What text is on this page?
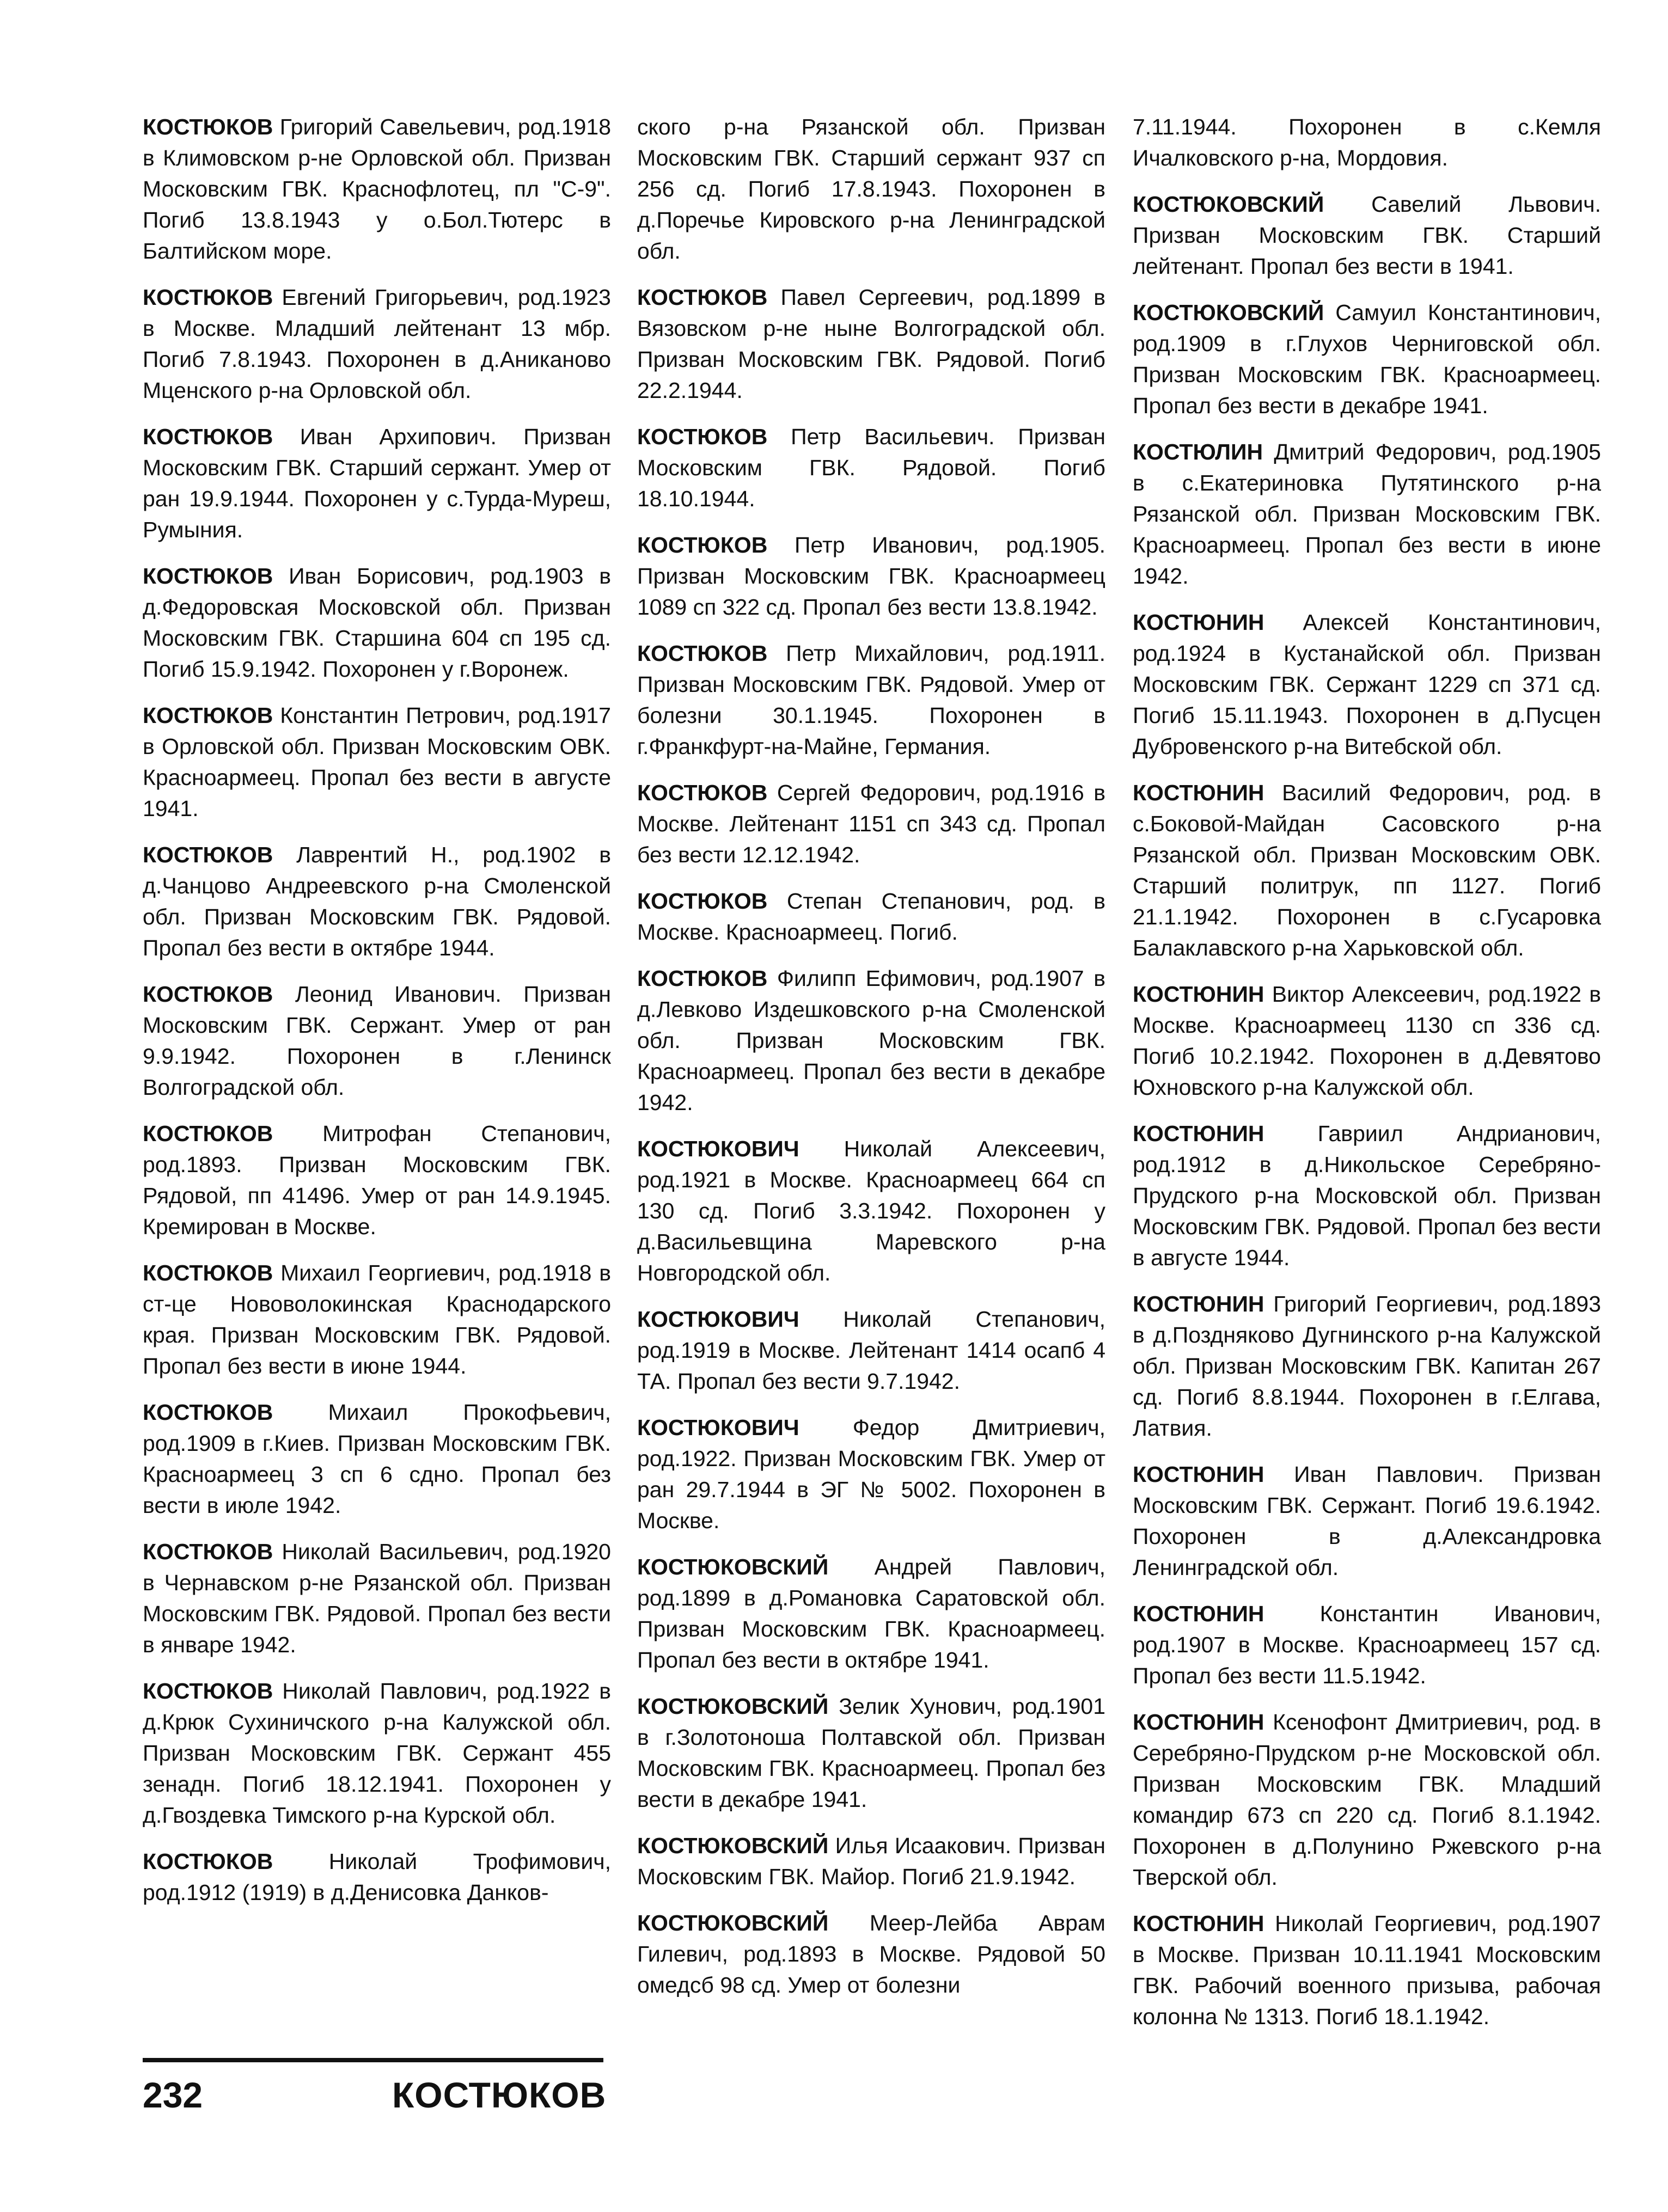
КОСТЮКОВ Григорий Савельевич, род.1918 в Климовском р-не Орловской обл. Призван Московским ГВК. Краснофлотец, пл "С-9". Погиб 13.8.1943 у о.Бол.Тютерс в Балтийском море.

КОСТЮКОВ Евгений Григорьевич, род.1923 в Москве. Младший лейтенант 13 мбр. Погиб 7.8.1943. Похоронен в д.Аниканово Мценского р-на Орловской обл.

КОСТЮКОВ Иван Архипович. Призван Московским ГВК. Старший сержант. Умер от ран 19.9.1944. Похоронен у с.Турда-Муреш, Румыния.

КОСТЮКОВ Иван Борисович, род.1903 в д.Федоровская Московской обл. Призван Московским ГВК. Старшина 604 сп 195 сд. Погиб 15.9.1942. Похоронен у г.Воронеж.

КОСТЮКОВ Константин Петрович, род.1917 в Орловской обл. Призван Московским ОВК. Красноармеец. Пропал без вести в августе 1941.

КОСТЮКОВ Лаврентий Н., род.1902 в д.Чанцово Андреевского р-на Смоленской обл. Призван Московским ГВК. Рядовой. Пропал без вести в октябре 1944.

КОСТЮКОВ Леонид Иванович. Призван Московским ГВК. Сержант. Умер от ран 9.9.1942. Похоронен в г.Ленинск Волгоградской обл.

КОСТЮКОВ Митрофан Степанович, род.1893. Призван Московским ГВК. Рядовой, пп 41496. Умер от ран 14.9.1945. Кремирован в Москве.

КОСТЮКОВ Михаил Георгиевич, род.1918 в ст-це Нововолокинская Краснодарского края. Призван Московским ГВК. Рядовой. Пропал без вести в июне 1944.

КОСТЮКОВ Михаил Прокофьевич, род.1909 в г.Киев. Призван Московским ГВК. Красноармеец 3 сп 6 сдно. Пропал без вести в июле 1942.

КОСТЮКОВ Николай Васильевич, род.1920 в Чернавском р-не Рязанской обл. Призван Московским ГВК. Рядовой. Пропал без вести в январе 1942.

КОСТЮКОВ Николай Павлович, род.1922 в д.Крюк Сухиничского р-на Калужской обл. Призван Московским ГВК. Сержант 455 зенадн. Погиб 18.12.1941. Похоронен у д.Гвоздевка Тимского р-на Курской обл.

КОСТЮКОВ Николай Трофимович, род.1912 (1919) в д.Денисовка Данков-

ского р-на Рязанской обл. Призван Московским ГВК. Старший сержант 937 сп 256 сд. Погиб 17.8.1943. Похоронен в д.Поречье Кировского р-на Ленинградской обл.

КОСТЮКОВ Павел Сергеевич, род.1899 в Вязовском р-не ныне Волгоградской обл. Призван Московским ГВК. Рядовой. Погиб 22.2.1944.

КОСТЮКОВ Петр Васильевич. Призван Московским ГВК. Рядовой. Погиб 18.10.1944.

КОСТЮКОВ Петр Иванович, род.1905. Призван Московским ГВК. Красноармеец 1089 сп 322 сд. Пропал без вести 13.8.1942.

КОСТЮКОВ Петр Михайлович, род.1911. Призван Московским ГВК. Рядовой. Умер от болезни 30.1.1945. Похоронен в г.Франкфурт-на-Майне, Германия.

КОСТЮКОВ Сергей Федорович, род.1916 в Москве. Лейтенант 1151 сп 343 сд. Пропал без вести 12.12.1942.

КОСТЮКОВ Степан Степанович, род. в Москве. Красноармеец. Погиб.

КОСТЮКОВ Филипп Ефимович, род.1907 в д.Левково Издешковского р-на Смоленской обл. Призван Московским ГВК. Красноармеец. Пропал без вести в декабре 1942.

КОСТЮКОВИЧ Николай Алексеевич, род.1921 в Москве. Красноармеец 664 сп 130 сд. Погиб 3.3.1942. Похоронен у д.Васильевщина Маревского р-на Новгородской обл.

КОСТЮКОВИЧ Николай Степанович, род.1919 в Москве. Лейтенант 1414 осапб 4 ТА. Пропал без вести 9.7.1942.

КОСТЮКОВИЧ Федор Дмитриевич, род.1922. Призван Московским ГВК. Умер от ран 29.7.1944 в ЭГ № 5002. Похоронен в Москве.

КОСТЮКОВСКИЙ Андрей Павлович, род.1899 в д.Романовка Саратовской обл. Призван Московским ГВК. Красноармеец. Пропал без вести в октябре 1941.

КОСТЮКОВСКИЙ Зелик Хунович, род.1901 в г.Золотоноша Полтавской обл. Призван Московским ГВК. Красноармеец. Пропал без вести в декабре 1941.

КОСТЮКОВСКИЙ Илья Исаакович. Призван Московским ГВК. Майор. Погиб 21.9.1942.

КОСТЮКОВСКИЙ Меер-Лейба Аврам Гилевич, род.1893 в Москве. Рядовой 50 омедсб 98 сд. Умер от болезни

7.11.1944. Похоронен в с.Кемля Ичалковского р-на, Мордовия.

КОСТЮКОВСКИЙ Савелий Львович. Призван Московским ГВК. Старший лейтенант. Пропал без вести в 1941.

КОСТЮКОВСКИЙ Самуил Константинович, род.1909 в г.Глухов Черниговской обл. Призван Московским ГВК. Красноармеец. Пропал без вести в декабре 1941.

КОСТЮЛИН Дмитрий Федорович, род.1905 в с.Екатериновка Путятинского р-на Рязанской обл. Призван Московским ГВК. Красноармеец. Пропал без вести в июне 1942.

КОСТЮНИН Алексей Константинович, род.1924 в Кустанайской обл. Призван Московским ГВК. Сержант 1229 сп 371 сд. Погиб 15.11.1943. Похоронен в д.Пусцен Дубровенского р-на Витебской обл.

КОСТЮНИН Василий Федорович, род. в с.Боковой-Майдан Сасовского р-на Рязанской обл. Призван Московским ОВК. Старший политрук, пп 1127. Погиб 21.1.1942. Похоронен в с.Гусаровка Балаклавского р-на Харьковской обл.

КОСТЮНИН Виктор Алексеевич, род.1922 в Москве. Красноармеец 1130 сп 336 сд. Погиб 10.2.1942. Похоронен в д.Девятово Юхновского р-на Калужской обл.

КОСТЮНИН Гавриил Андрианович, род.1912 в д.Никольское Серебряно-Прудского р-на Московской обл. Призван Московским ГВК. Рядовой. Пропал без вести в августе 1944.

КОСТЮНИН Григорий Георгиевич, род.1893 в д.Поздняково Дугнинского р-на Калужской обл. Призван Московским ГВК. Капитан 267 сд. Погиб 8.8.1944. Похоронен в г.Елгава, Латвия.

КОСТЮНИН Иван Павлович. Призван Московским ГВК. Сержант. Погиб 19.6.1942. Похоронен в д.Александровка Ленинградской обл.

КОСТЮНИН Константин Иванович, род.1907 в Москве. Красноармеец 157 сд. Пропал без вести 11.5.1942.

КОСТЮНИН Ксенофонт Дмитриевич, род. в Серебряно-Прудском р-не Московской обл. Призван Московским ГВК. Младший командир 673 сп 220 сд. Погиб 8.1.1942. Похоронен в д.Полунино Ржевского р-на Тверской обл.

КОСТЮНИН Николай Георгиевич, род.1907 в Москве. Призван 10.11.1941 Московским ГВК. Рабочий военного призыва, рабочая колонна № 1313. Погиб 18.1.1942.

232	КОСТЮКОВ
